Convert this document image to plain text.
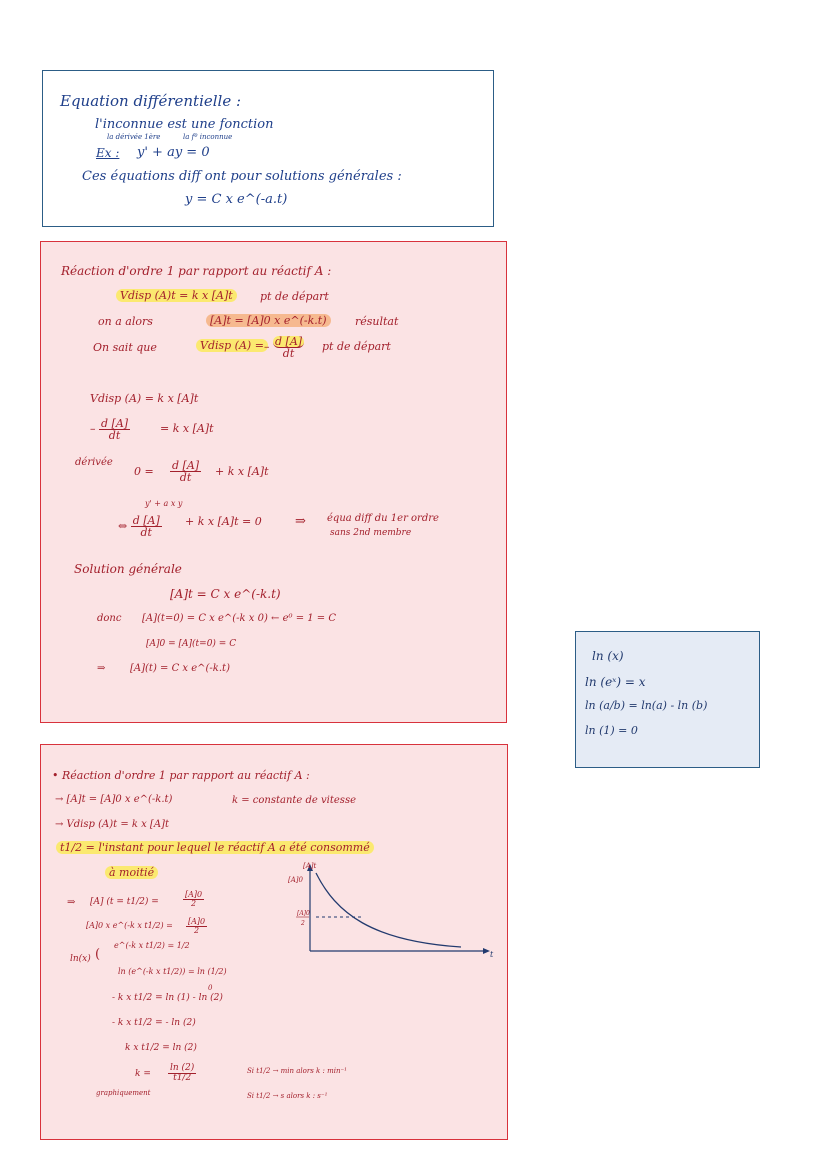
Equation différentielle :
l'inconnue est une fonction
la dérivée 1ère	la fº inconnue
Ex : y' + ay = 0
Ces équations diff ont pour solutions générales :
y = C x e^(-a.t)
Réaction d'ordre 1 par rapport au réactif A :
Vdisp (A)t = k x [A]t	pt de départ
on a alors	[A]t = [A]0 x e^(-k.t)	résultat
On sait que	Vdisp (A) = – $\frac{d [A]}{dt}$ pt de départ
Vdisp (A) = k x [A]t
– $\frac{d [A]}{dt}$	= k x [A]t
dérivée
$0 = \frac{d [A]}{dt} + k$ x [A]t
y' + a x y
⇔ $\frac{d [A]}{dt} + k$ x [A]t = 0	⇒ équa diff du 1er ordre
sans 2nd membre
Solution générale
[A]t = C x e^(-k.t)
donc [A](t=0) = C x e^(-k x 0) ← e⁰ = 1 = C
[A]0 = [A](t=0) = C
⇒ [A](t) = C x e^(-k.t)
ln (x)
ln (eˣ) = x
ln (a/b) = ln(a) - ln (b)
ln (1) = 0
• Réaction d'ordre 1 par rapport au réactif A :
→ [A]t = [A]0 x e^(-k.t)	k = constante de vitesse
→ Vdisp (A)t = k x [A]t
t1/2 = l'instant pour lequel le réactif A a été consommé
à moitié
⇒ [A] (t = t1/2) =	$\frac{[A]0}{2}$
[A]0 x e^(-k x $t1/2) = \frac{[A]0}{2}$
ln(x) (
e^(-k x t1/2) = 1/2
ln (e^(-k x t1/2)) = ln (1/2)
0
- k x t1/2 = ln (1) - ln (2)
- k x t1/2 = - ln (2)
k x t1/2 = ln (2)
$k = \frac{\ln (2)}{t1/2}$
graphiquement
Si t1/2 → min alors k : min⁻¹
Si t1/2 → s alors k : s⁻¹
[A]t
[A]0
[A]0
2
t
